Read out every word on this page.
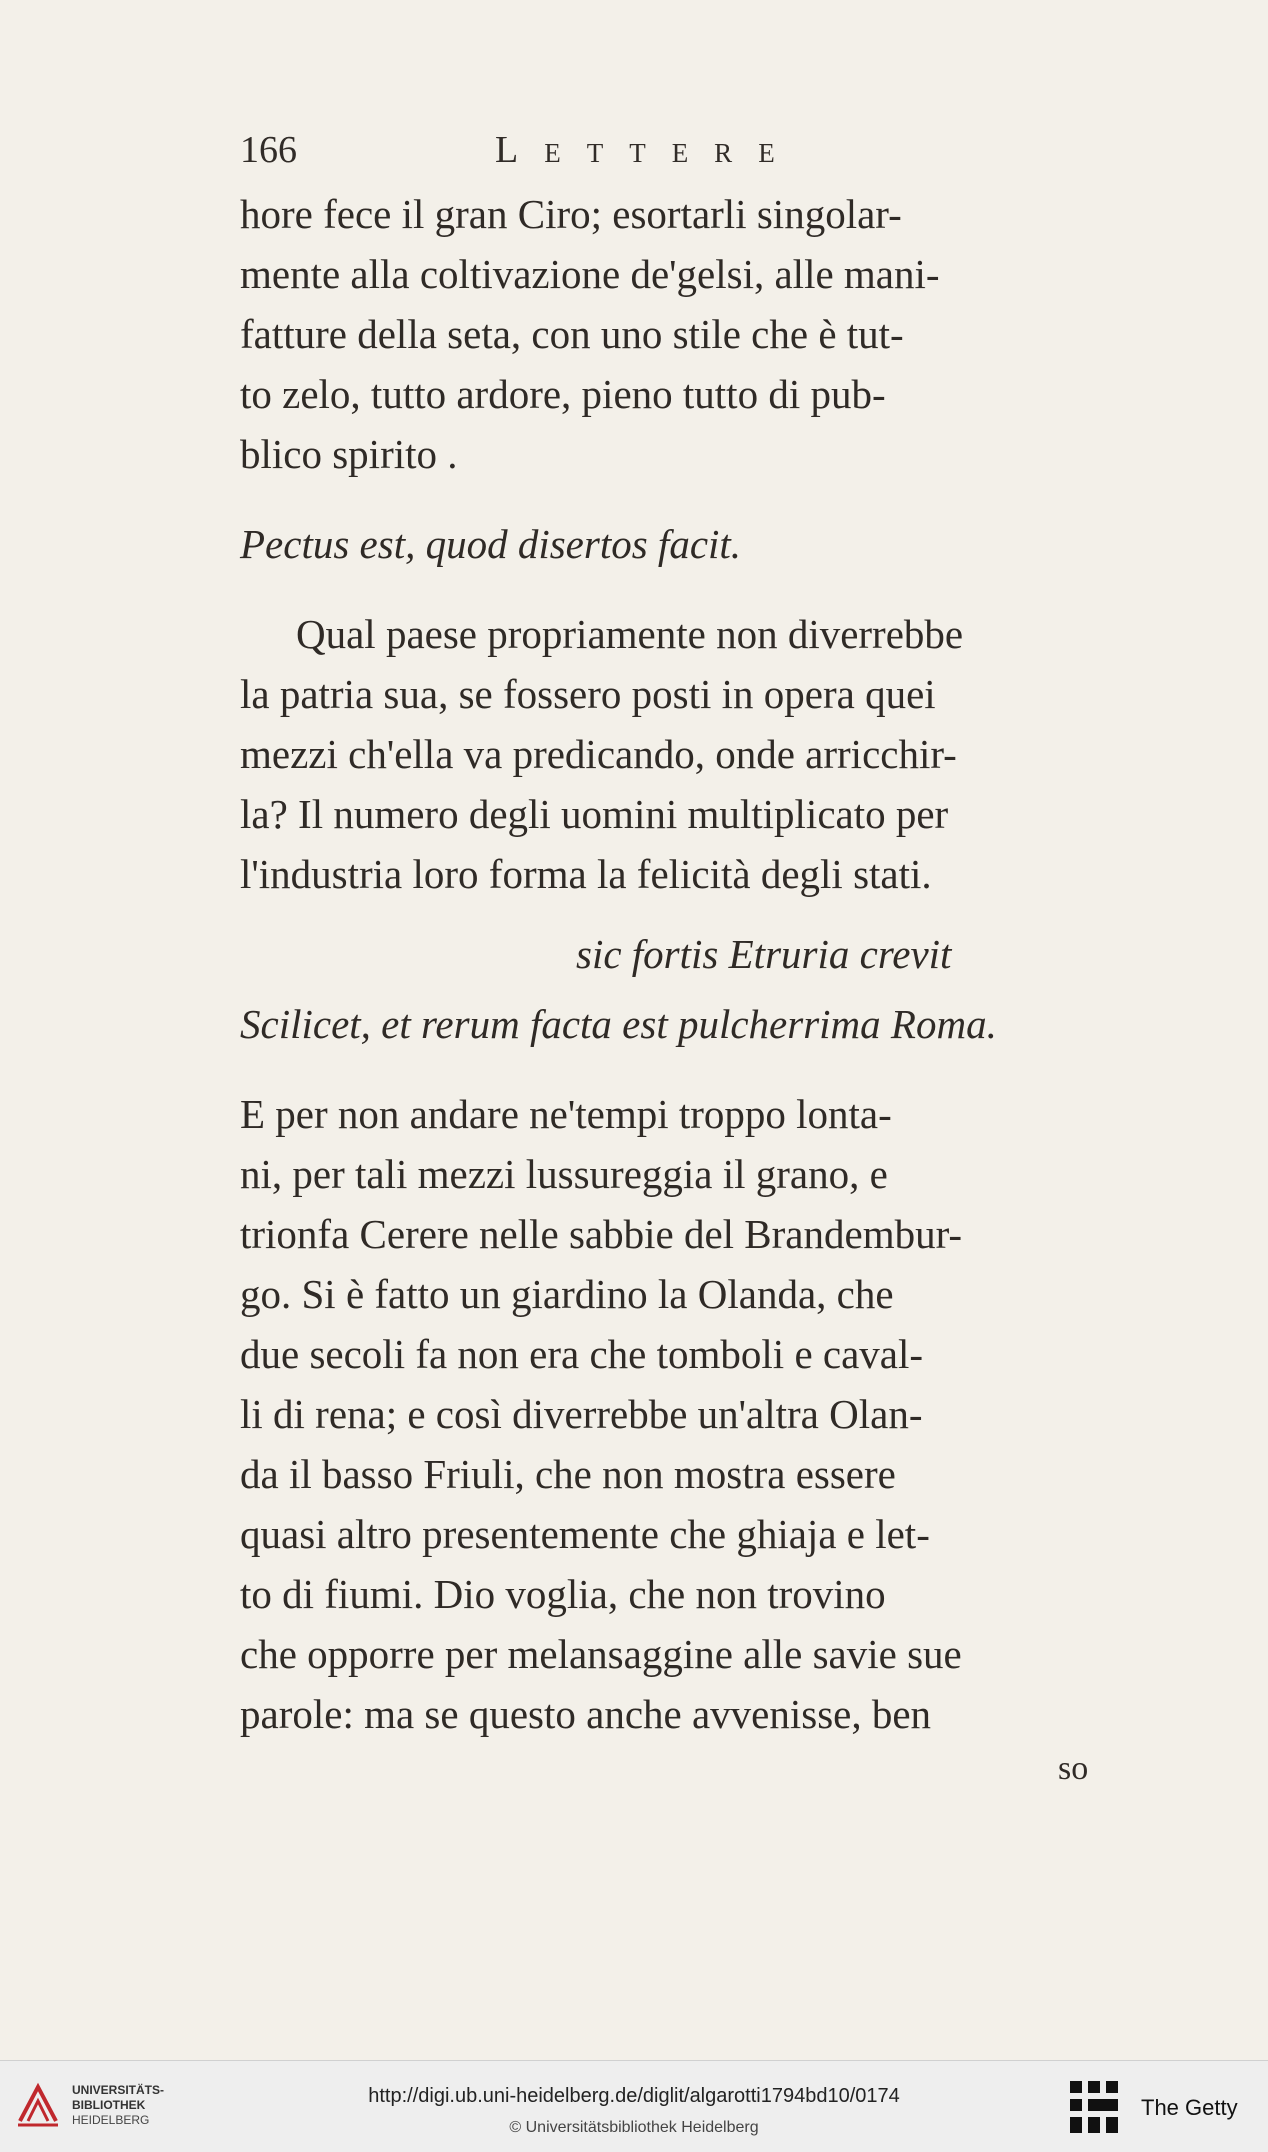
166	Lettere
hore fece il gran Ciro; esortarli singolar-
mente alla coltivazione de'gelsi, alle mani-
fatture della seta, con uno stile che è tut-
to zelo, tutto ardore, pieno tutto di pub-
blico spirito .
Pectus est, quod disertos facit.
Qual paese propriamente non diverrebbe
la patria sua, se fossero posti in opera quei
mezzi ch'ella va predicando, onde arricchir-
la? Il numero degli uomini multiplicato per
l'industria loro forma la felicità degli stati.
sic fortis Etruria crevit
Scilicet, et rerum facta est pulcherrima Roma.
E per non andare ne'tempi troppo lonta-
ni, per tali mezzi lussureggia il grano, e
trionfa Cerere nelle sabbie del Brandembur-
go. Si è fatto un giardino la Olanda, che
due secoli fa non era che tomboli e caval-
li di rena; e così diverrebbe un'altra Olan-
da il basso Friuli, che non mostra essere
quasi altro presentemente che ghiaja e let-
to di fiumi. Dio voglia, che non trovino
che opporre per melansaggine alle savie sue
parole: ma se questo anche avvenisse, ben
so
UNIVERSITÄTS-
BIBLIOTHEK
HEIDELBERG
http://digi.ub.uni-heidelberg.de/diglit/algarotti1794bd10/0174
© Universitätsbibliothek Heidelberg
The Getty
